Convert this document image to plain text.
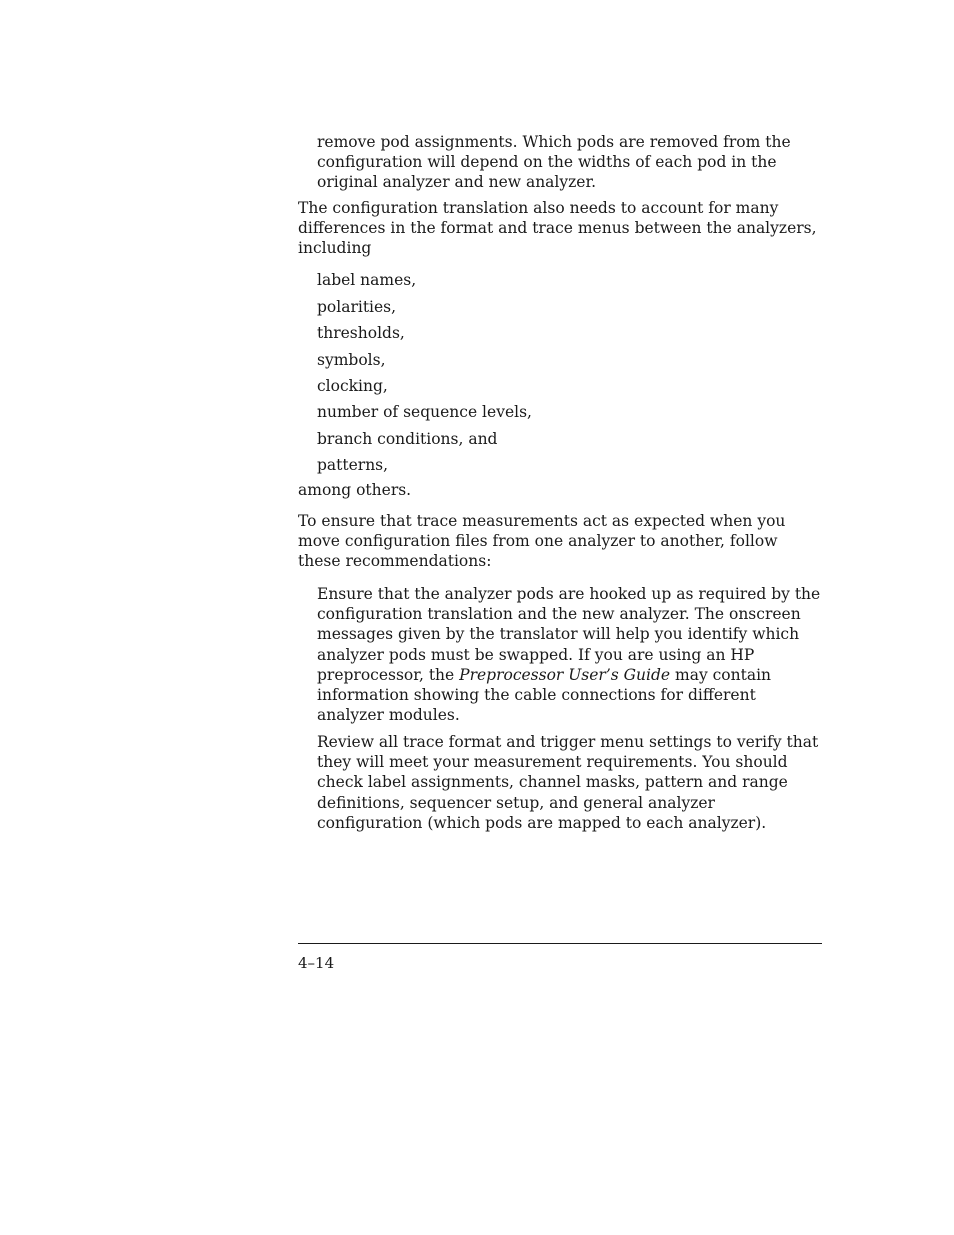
remove pod assignments. Which pods are removed from the configuration will depend on the widths of each pod in the original analyzer and new analyzer.

The configuration translation also needs to account for many differences in the format and trace menus between the analyzers, including

label names,

polarities,

thresholds,

symbols,

clocking,

number of sequence levels,

branch conditions, and

patterns,

among others.

To ensure that trace measurements act as expected when you move configuration files from one analyzer to another, follow these recommendations:

Ensure that the analyzer pods are hooked up as required by the configuration translation and the new analyzer. The onscreen messages given by the translator will help you identify which analyzer pods must be swapped. If you are using an HP preprocessor, the Preprocessor User’s Guide may contain information showing the cable connections for different analyzer modules.

Review all trace format and trigger menu settings to verify that they will meet your measurement requirements. You should check label assignments, channel masks, pattern and range definitions, sequencer setup, and general analyzer configuration (which pods are mapped to each analyzer).

4–14
